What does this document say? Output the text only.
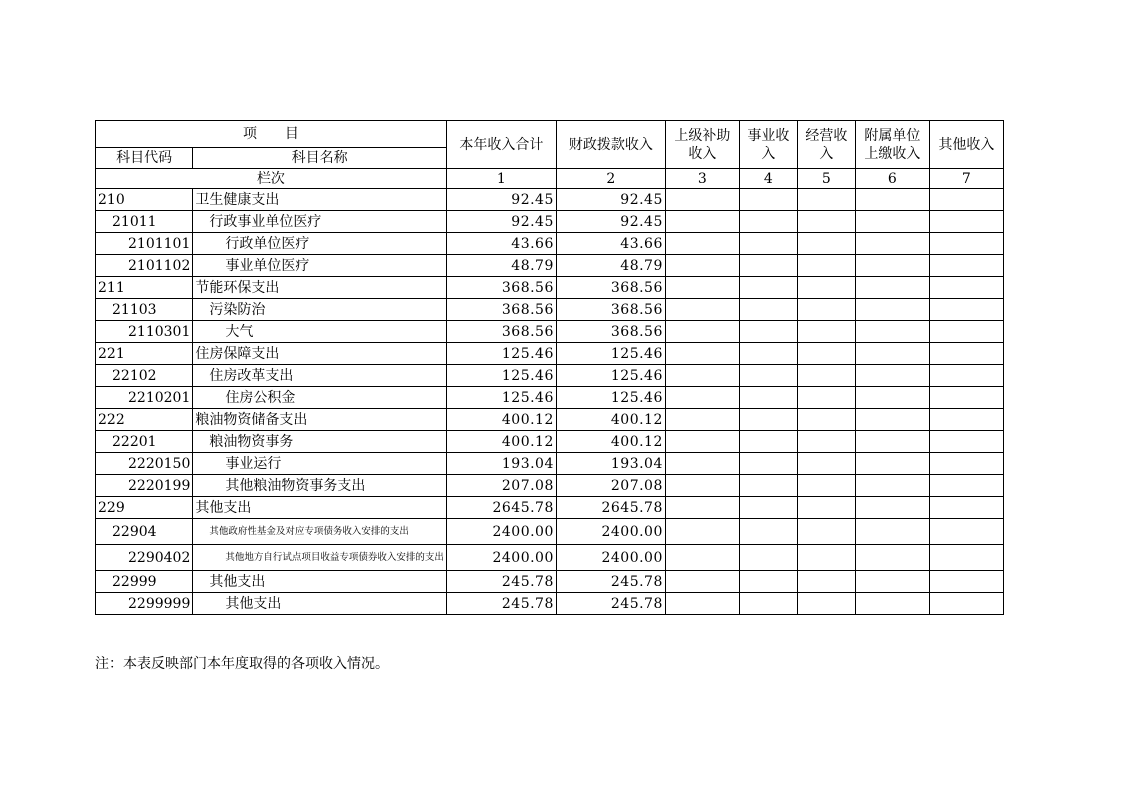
项　　目		本年收入合计	财政拨款收入	上级补助收入	事业收入	经营收入	附属单位上缴收入	其他收入
科目代码	科目名称							
栏次		1	2	3	4	5	6	7
210	卫生健康支出	92.45	92.45					
21011	行政事业单位医疗	92.45	92.45					
2101101	行政单位医疗	43.66	43.66					
2101102	事业单位医疗	48.79	48.79					
211	节能环保支出	368.56	368.56					
21103	污染防治	368.56	368.56					
2110301	大气	368.56	368.56					
221	住房保障支出	125.46	125.46					
22102	住房改革支出	125.46	125.46					
2210201	住房公积金	125.46	125.46					
222	粮油物资储备支出	400.12	400.12					
22201	粮油物资事务	400.12	400.12					
2220150	事业运行	193.04	193.04					
2220199	其他粮油物资事务支出	207.08	207.08					
229	其他支出	2645.78	2645.78					
22904	其他政府性基金及对应专项债务收入安排的支出	2400.00	2400.00					
2290402	其他地方自行试点项目收益专项债券收入安排的支出	2400.00	2400.00					
22999	其他支出	245.78	245.78					
2299999	其他支出	245.78	245.78					
注：本表反映部门本年度取得的各项收入情况。
